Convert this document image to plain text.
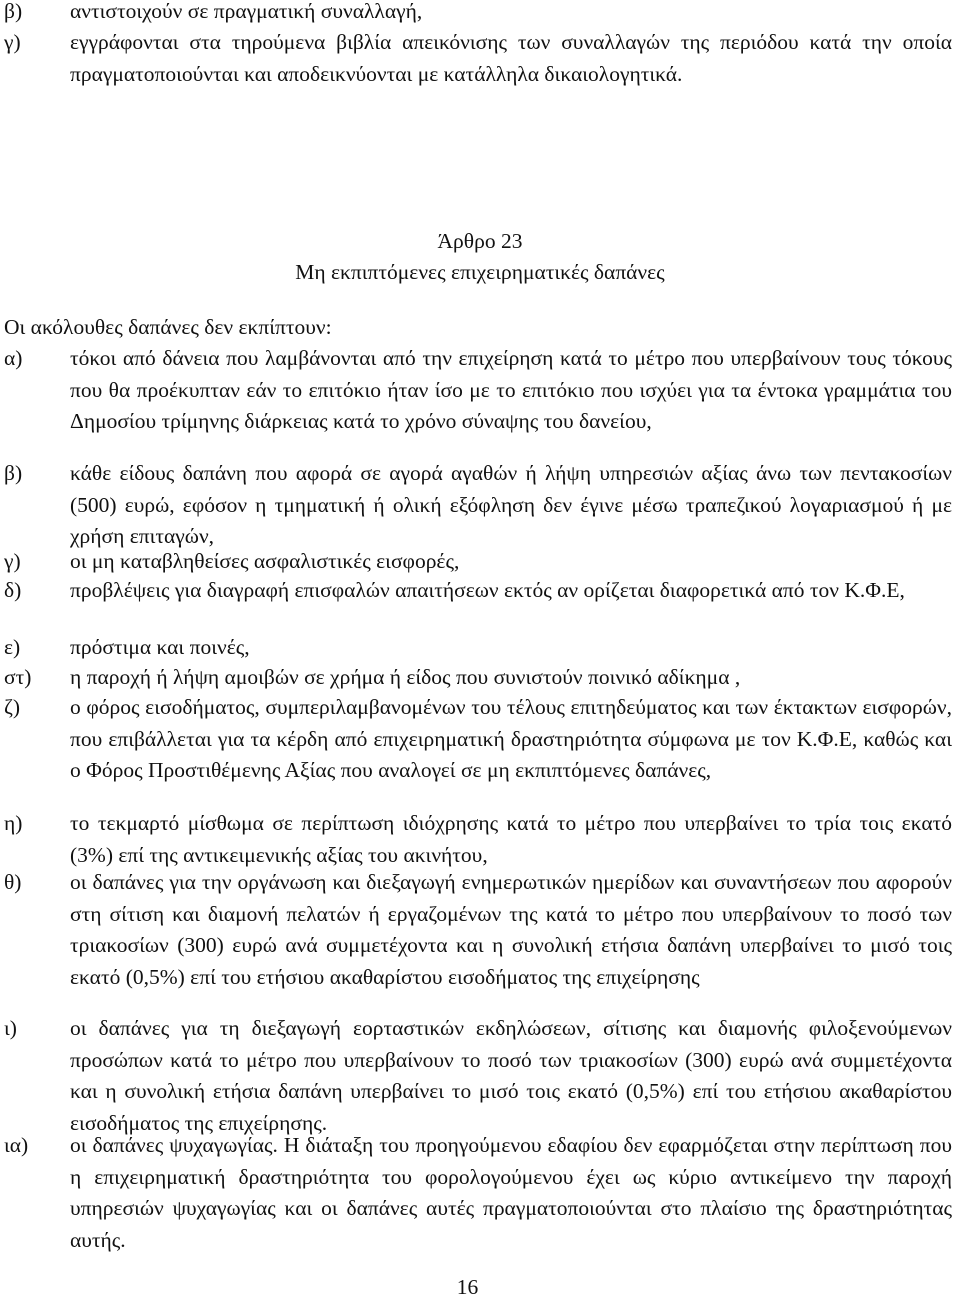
β) αντιστοιχούν σε πραγματική συναλλαγή,
γ) εγγράφονται στα τηρούμενα βιβλία απεικόνισης των συναλλαγών της περιόδου κατά την οποία πραγματοποιούνται και αποδεικνύονται με κατάλληλα δικαιολογητικά.
Άρθρο 23
Μη εκπιπτόμενες επιχειρηματικές δαπάνες
Οι ακόλουθες δαπάνες δεν εκπίπτουν:
α) τόκοι από δάνεια που λαμβάνονται από την επιχείρηση κατά το μέτρο που υπερβαίνουν τους τόκους που θα προέκυπταν εάν το επιτόκιο ήταν ίσο με το επιτόκιο που ισχύει για τα έντοκα γραμμάτια του Δημοσίου τρίμηνης διάρκειας κατά το χρόνο σύναψης του δανείου,
β) κάθε είδους δαπάνη που αφορά σε αγορά αγαθών ή λήψη υπηρεσιών αξίας άνω των πεντακοσίων (500) ευρώ, εφόσον η τμηματική ή ολική εξόφληση δεν έγινε μέσω τραπεζικού λογαριασμού ή με χρήση επιταγών,
γ) οι μη καταβληθείσες ασφαλιστικές εισφορές,
δ) προβλέψεις για διαγραφή επισφαλών απαιτήσεων εκτός αν ορίζεται διαφορετικά από τον Κ.Φ.Ε,
ε) πρόστιμα και ποινές,
στ) η παροχή ή λήψη αμοιβών σε χρήμα ή είδος που συνιστούν ποινικό αδίκημα ,
ζ) ο φόρος εισοδήματος, συμπεριλαμβανομένων του τέλους επιτηδεύματος και των έκτακτων εισφορών, που επιβάλλεται για τα κέρδη από επιχειρηματική δραστηριότητα σύμφωνα με τον Κ.Φ.Ε, καθώς και ο Φόρος Προστιθέμενης Αξίας που αναλογεί σε μη εκπιπτόμενες δαπάνες,
η) το τεκμαρτό μίσθωμα σε περίπτωση ιδιόχρησης κατά το μέτρο που υπερβαίνει το τρία τοις εκατό (3%) επί της αντικειμενικής αξίας του ακινήτου,
θ) οι δαπάνες για την οργάνωση και διεξαγωγή ενημερωτικών ημερίδων και συναντήσεων που αφορούν στη σίτιση και διαμονή πελατών ή εργαζομένων της κατά το μέτρο που υπερβαίνουν το ποσό των τριακοσίων (300) ευρώ ανά συμμετέχοντα και η συνολική ετήσια δαπάνη υπερβαίνει το μισό τοις εκατό (0,5%) επί του ετήσιου ακαθαρίστου εισοδήματος της επιχείρησης
ι) οι δαπάνες για τη διεξαγωγή εορταστικών εκδηλώσεων, σίτισης και διαμονής φιλοξενούμενων προσώπων κατά το μέτρο που υπερβαίνουν το ποσό των τριακοσίων (300) ευρώ ανά συμμετέχοντα και η συνολική ετήσια δαπάνη υπερβαίνει το μισό τοις εκατό (0,5%) επί του ετήσιου ακαθαρίστου εισοδήματος της επιχείρησης.
ια) οι δαπάνες ψυχαγωγίας. Η διάταξη του προηγούμενου εδαφίου δεν εφαρμόζεται στην περίπτωση που η επιχειρηματική δραστηριότητα του φορολογούμενου έχει ως κύριο αντικείμενο την παροχή υπηρεσιών ψυχαγωγίας και οι δαπάνες αυτές πραγματοποιούνται στο πλαίσιο της δραστηριότητας αυτής.
16
